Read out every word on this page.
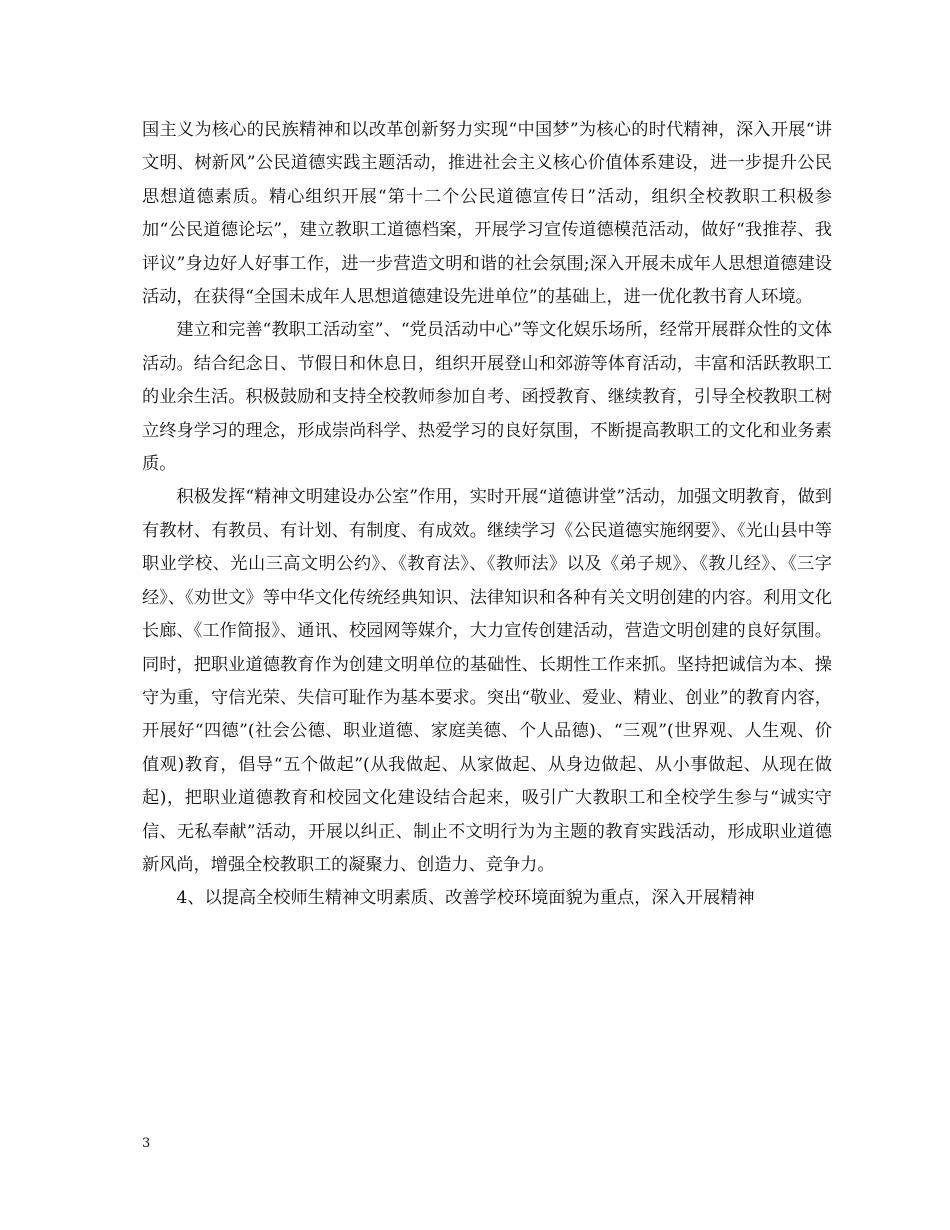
国主义为核心的民族精神和以改革创新努力实现“中国梦”为核心的时代精神，深入开展“讲文明、树新风”公民道德实践主题活动，推进社会主义核心价值体系建设，进一步提升公民思想道德素质。精心组织开展“第十二个公民道德宣传日”活动，组织全校教职工积极参加“公民道德论坛”，建立教职工道德档案，开展学习宣传道德模范活动，做好“我推荐、我评议”身边好人好事工作，进一步营造文明和谐的社会氛围;深入开展未成年人思想道德建设活动，在获得“全国未成年人思想道德建设先进单位”的基础上，进一优化教书育人环境。

建立和完善“教职工活动室”、“党员活动中心”等文化娱乐场所，经常开展群众性的文体活动。结合纪念日、节假日和休息日，组织开展登山和郊游等体育活动，丰富和活跃教职工的业余生活。积极鼓励和支持全校教师参加自考、函授教育、继续教育，引导全校教职工树立终身学习的理念，形成崇尚科学、热爱学习的良好氛围，不断提高教职工的文化和业务素质。

积极发挥“精神文明建设办公室”作用，实时开展“道德讲堂”活动，加强文明教育，做到有教材、有教员、有计划、有制度、有成效。继续学习《公民道德实施纲要》、《光山县中等职业学校、光山三高文明公约》、《教育法》、《教师法》以及《弟子规》、《教儿经》、《三字经》、《劝世文》等中华文化传统经典知识、法律知识和各种有关文明创建的内容。利用文化长廊、《工作简报》、通讯、校园网等媒介，大力宣传创建活动，营造文明创建的良好氛围。同时，把职业道德教育作为创建文明单位的基础性、长期性工作来抓。坚持把诚信为本、操守为重，守信光荣、失信可耻作为基本要求。突出“敬业、爱业、精业、创业”的教育内容，开展好“四德”(社会公德、职业道德、家庭美德、个人品德)、“三观”(世界观、人生观、价值观)教育，倡导“五个做起”(从我做起、从家做起、从身边做起、从小事做起、从现在做起)，把职业道德教育和校园文化建设结合起来，吸引广大教职工和全校学生参与“诚实守信、无私奉献”活动，开展以纠正、制止不文明行为为主题的教育实践活动，形成职业道德新风尚，增强全校教职工的凝聚力、创造力、竞争力。

4、以提高全校师生精神文明素质、改善学校环境面貌为重点，深入开展精神

3
